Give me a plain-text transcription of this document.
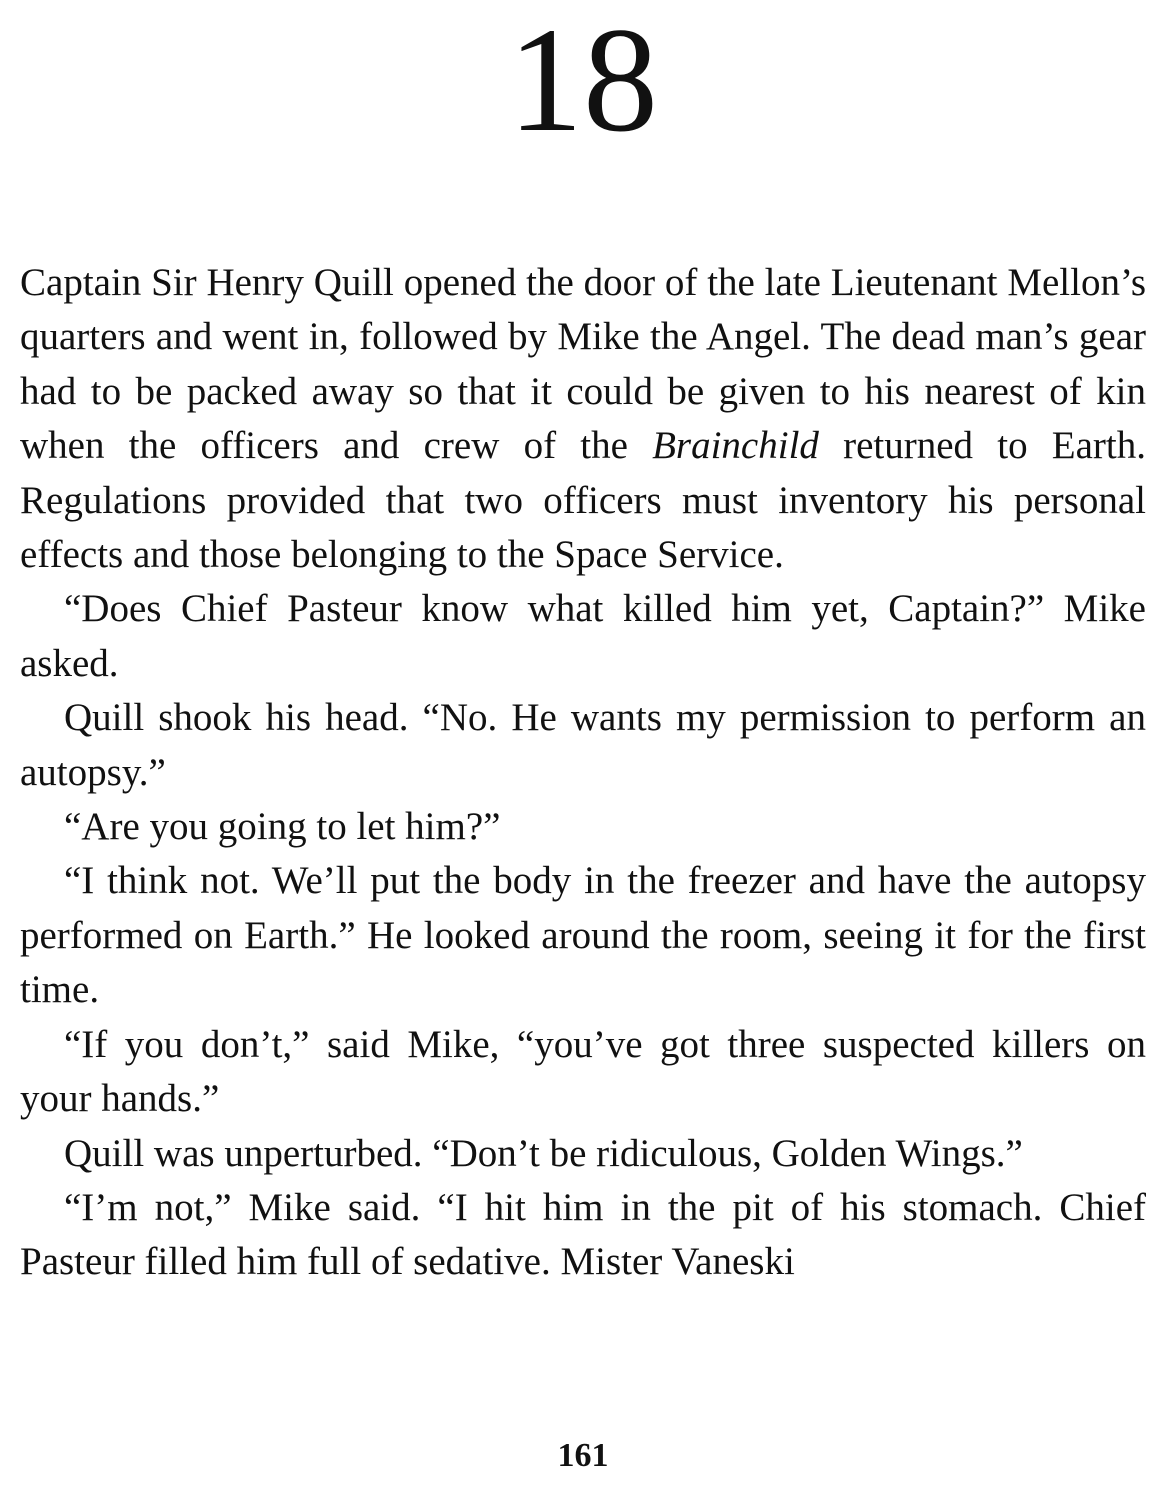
18

Captain Sir Henry Quill opened the door of the late Lieutenant Mellon’s quarters and went in, followed by Mike the Angel. The dead man’s gear had to be packed away so that it could be given to his nearest of kin when the officers and crew of the Brainchild returned to Earth. Regulations provided that two officers must inventory his personal effects and those belonging to the Space Service.

“Does Chief Pasteur know what killed him yet, Captain?” Mike asked.

Quill shook his head. “No. He wants my permission to perform an autopsy.”

“Are you going to let him?”

“I think not. We’ll put the body in the freezer and have the autopsy performed on Earth.” He looked around the room, seeing it for the first time.

“If you don’t,” said Mike, “you’ve got three suspected killers on your hands.”

Quill was unperturbed. “Don’t be ridiculous, Golden Wings.”

“I’m not,” Mike said. “I hit him in the pit of his stomach. Chief Pasteur filled him full of sedative. Mister Vaneski

161
